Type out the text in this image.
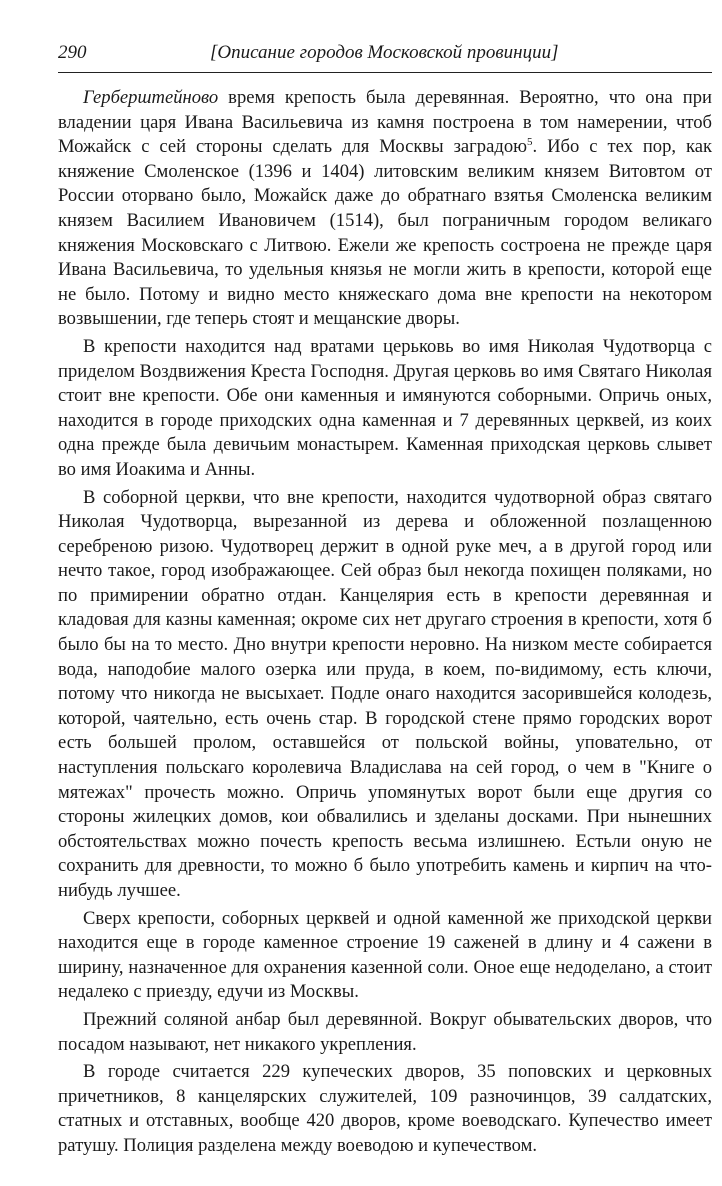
290	[Описание городов Московской провинции]

Герберштейново время крепость была деревянная. Вероятно, что она при владении царя Ивана Васильевича из камня построена в том намерении, чтоб Можайск с сей стороны сделать для Москвы заградою$^5$. Ибо с тех пор, как княжение Смоленское (1396 и 1404) литовским великим князем Витовтом от России оторвано было, Можайск даже до обратнаго взятья Смоленска великим князем Василием Ивановичем (1514), был пограничным городом великаго княжения Московскаго с Литвою. Ежели же крепость состроена не прежде царя Ивана Васильевича, то удельныя князья не могли жить в крепости, которой еще не было. Потому и видно место княжескаго дома вне крепости на некотором возвышении, где теперь стоят и мещанские дворы.

В крепости находится над вратами церьковь во имя Николая Чудотворца с приделом Воздвижения Креста Господня. Другая церковь во имя Святаго Николая стоит вне крепости. Обе они каменныя и имянуются соборными. Опричь оных, находится в городе приходских одна каменная и 7 деревянных церквей, из коих одна прежде была девичьим монастырем. Каменная приходская церковь слывет во имя Иоакима и Анны.

В соборной церкви, что вне крепости, находится чудотворной образ святаго Николая Чудотворца, вырезанной из дерева и обложенной позлащенною серебреною ризою. Чудотворец держит в одной руке меч, а в другой город или нечто такое, город изображающее. Сей образ был некогда похищен поляками, но по примирении обратно отдан. Канцелярия есть в крепости деревянная и кладовая для казны каменная; окроме сих нет другаго строения в крепости, хотя б было бы на то место. Дно внутри крепости неровно. На низком месте собирается вода, наподобие малого озерка или пруда, в коем, по-видимому, есть ключи, потому что никогда не высыхает. Подле онаго находится засорившейся колодезь, которой, чаятельно, есть очень стар. В городской стене прямо городских ворот есть большей пролом, оставшейся от польской войны, уповательно, от наступления польскаго королевича Владислава на сей город, о чем в "Книге о мятежах" прочесть можно. Опричь упомянутых ворот были еще другия со стороны жилецких домов, кои обвалились и зделаны досками. При нынешних обстоятельствах можно почесть крепость весьма излишнею. Естьли оную не сохранить для древности, то можно б было употребить камень и кирпич на что-нибудь лучшее.

Сверх крепости, соборных церквей и одной каменной же приходской церкви находится еще в городе каменное строение 19 саженей в длину и 4 сажени в ширину, назначенное для охранения казенной соли. Оное еще недоделано, а стоит недалеко с приезду, едучи из Москвы.

Прежний соляной анбар был деревянной. Вокруг обывательских дворов, что посадом называют, нет никакого укрепления.

В городе считается 229 купеческих дворов, 35 поповских и церковных причетников, 8 канцелярских служителей, 109 разночинцов, 39 салдатских, статных и отставных, вообще 420 дворов, кроме воеводскаго. Купечество имеет ратушу. Полиция разделена между воеводою и купечеством.
